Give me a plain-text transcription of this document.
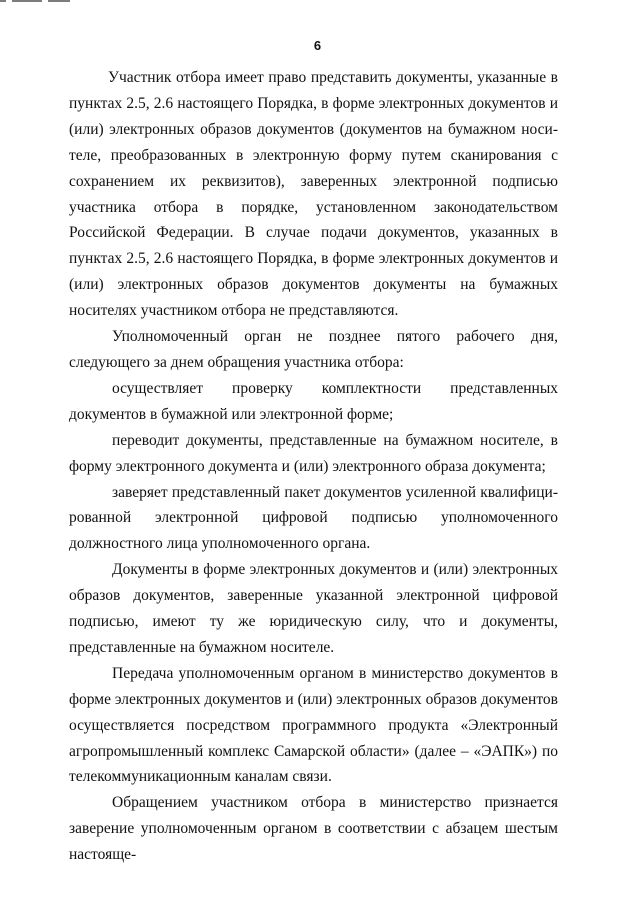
6

Участник отбора имеет право представить документы, указанные в пунктах 2.5, 2.6 настоящего Порядка, в форме электронных документов и (или) электронных образов документов (документов на бумажном носителе, преобразованных в электронную форму путем сканирования с сохранением их реквизитов), заверенных электронной подписью участника отбора в порядке, установленном законодательством Российской Федерации. В случае подачи документов, указанных в пунктах 2.5, 2.6 настоящего Порядка, в форме электронных документов и (или) электронных образов документов документы на бумажных носителях участником отбора не представляются.

Уполномоченный орган не позднее пятого рабочего дня, следующего за днем обращения участника отбора:

осуществляет проверку комплектности представленных документов в бумажной или электронной форме;

переводит документы, представленные на бумажном носителе, в форму электронного документа и (или) электронного образа документа;

заверяет представленный пакет документов усиленной квалифицированной электронной цифровой подписью уполномоченного должностного лица уполномоченного органа.

Документы в форме электронных документов и (или) электронных образов документов, заверенные указанной электронной цифровой подписью, имеют ту же юридическую силу, что и документы, представленные на бумажном носителе.

Передача уполномоченным органом в министерство документов в форме электронных документов и (или) электронных образов документов осуществляется посредством программного продукта «Электронный агропромышленный комплекс Самарской области» (далее – «ЭАПК») по телекоммуникационным каналам связи.

Обращением участником отбора в министерство признается заверение уполномоченным органом в соответствии с абзацем шестым настояще-
